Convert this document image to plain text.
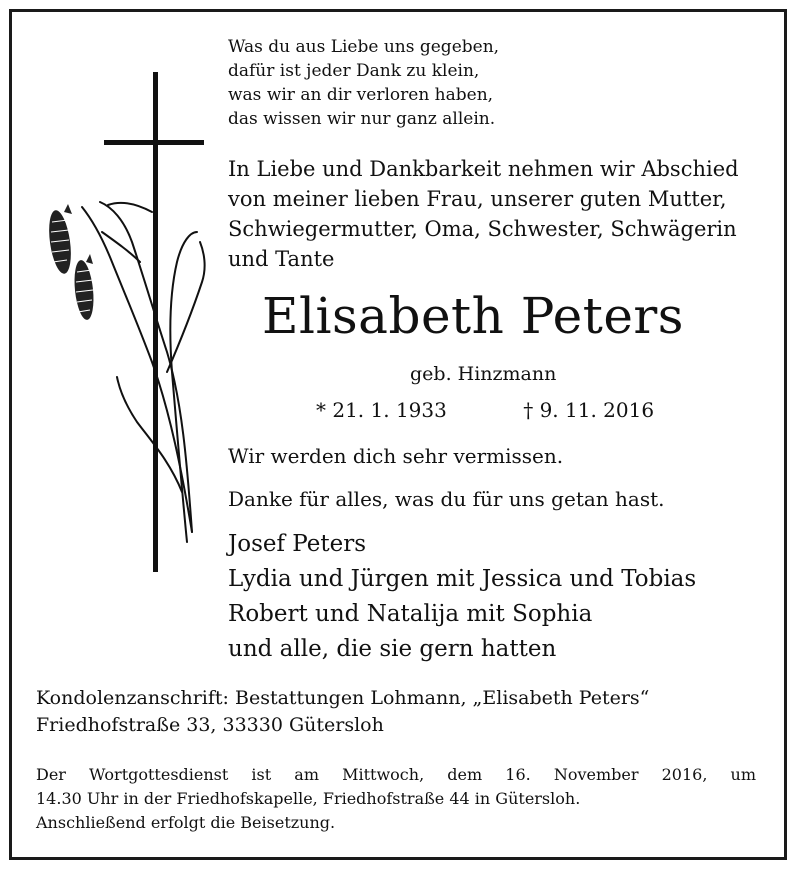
Was du aus Liebe uns gegeben,
dafür ist jeder Dank zu klein,
was wir an dir verloren haben,
das wissen wir nur ganz allein.
In Liebe und Dankbarkeit nehmen wir Abschied
von meiner lieben Frau, unserer guten Mutter,
Schwiegermutter, Oma, Schwester, Schwägerin
und Tante
Elisabeth Peters
geb. Hinzmann
* 21. 1. 1933	† 9. 11. 2016
Wir werden dich sehr vermissen.
Danke für alles, was du für uns getan hast.
Josef Peters
Lydia und Jürgen mit Jessica und Tobias
Robert und Natalija mit Sophia
und alle, die sie gern hatten
Kondolenzanschrift: Bestattungen Lohmann, „Elisabeth Peters“
Friedhofstraße 33, 33330 Gütersloh
Der Wortgottesdienst ist am Mittwoch, dem 16. November 2016, um
14.30 Uhr in der Friedhofskapelle, Friedhofstraße 44 in Gütersloh.
Anschließend erfolgt die Beisetzung.
